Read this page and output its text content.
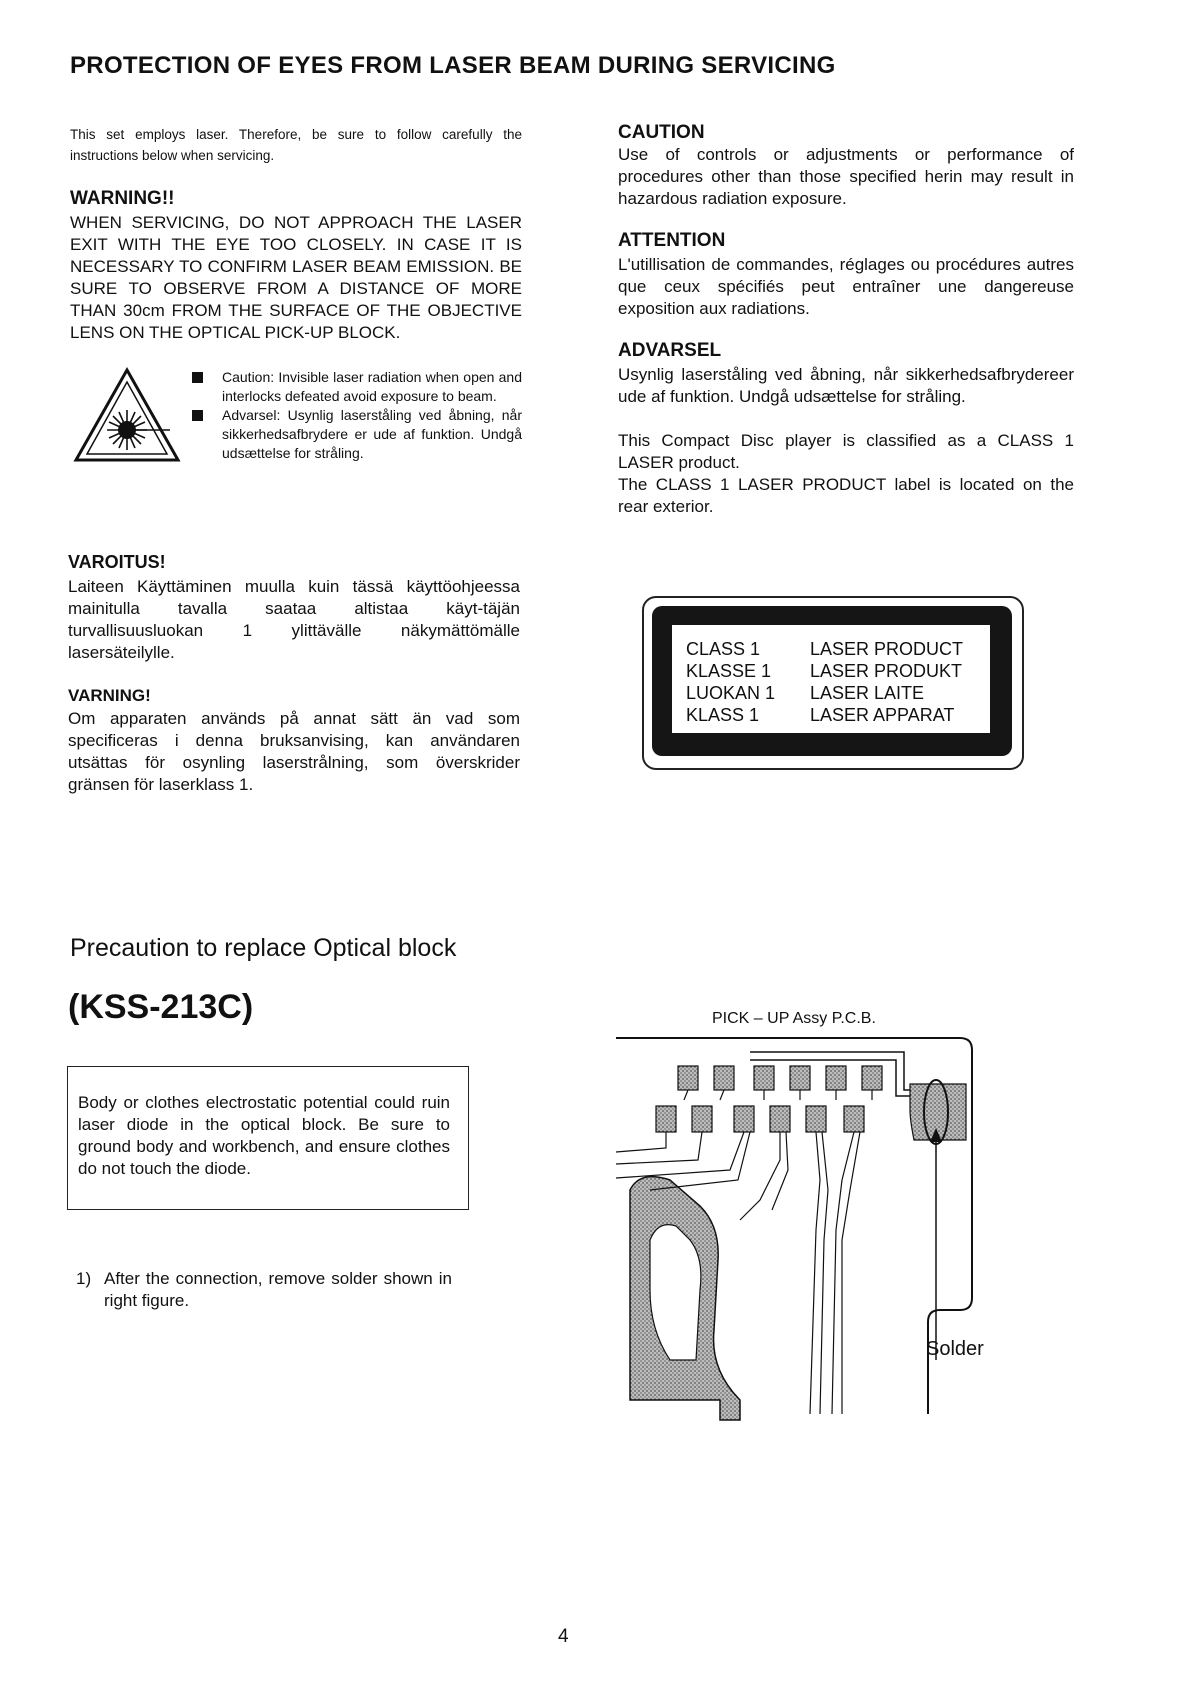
PROTECTION OF EYES FROM LASER BEAM DURING SERVICING
This set employs laser. Therefore, be sure to follow carefully the instructions below when servicing.
WARNING!!
WHEN SERVICING, DO NOT APPROACH THE LASER EXIT WITH THE EYE TOO CLOSELY. IN CASE IT IS NECESSARY TO CONFIRM LASER BEAM EMISSION. BE SURE TO OBSERVE FROM A DISTANCE OF MORE THAN 30cm FROM THE SURFACE OF THE OBJECTIVE LENS ON THE OPTICAL PICK-UP BLOCK.
Caution: Invisible laser radiation when open and interlocks defeated avoid exposure to beam.
Advarsel: Usynlig laserståling ved åbning, når sikkerhedsafbrydere er ude af funktion. Undgå udsættelse for stråling.
VAROITUS!
Laiteen Käyttäminen muulla kuin tässä käyttöohjeessa mainitulla tavalla saataa altistaa käyt-täjän turvallisuusluokan 1 ylittävälle näkymättömälle lasersäteilylle.
VARNING!
Om apparaten används på annat sätt än vad som specificeras i denna bruksanvising, kan användaren utsättas för osynling laserstrålning, som överskrider gränsen för laserklass 1.
CAUTION
Use of controls or adjustments or performance of procedures other than those specified herin may result in hazardous radiation exposure.
ATTENTION
L'utillisation de commandes, réglages ou procédures autres que ceux spécifiés peut entraîner une dangereuse exposition aux radiations.
ADVARSEL
Usynlig laserståling ved åbning, når sikkerhedsafbrydereer ude af funktion. Undgå udsættelse for stråling.
This Compact Disc player is classified as a CLASS 1 LASER product.
The CLASS 1 LASER PRODUCT label is located on the rear exterior.
CLASS 1	LASER PRODUCT
KLASSE 1	LASER PRODUKT
LUOKAN 1	LASER LAITE
KLASS 1	LASER APPARAT
Precaution to replace Optical block
(KSS-213C)
Body or clothes electrostatic potential could ruin laser diode in the optical block. Be sure to ground body and workbench, and ensure clothes do not touch the diode.
1) After the connection, remove solder shown in right figure.
PICK – UP Assy P.C.B.
Solder
4
